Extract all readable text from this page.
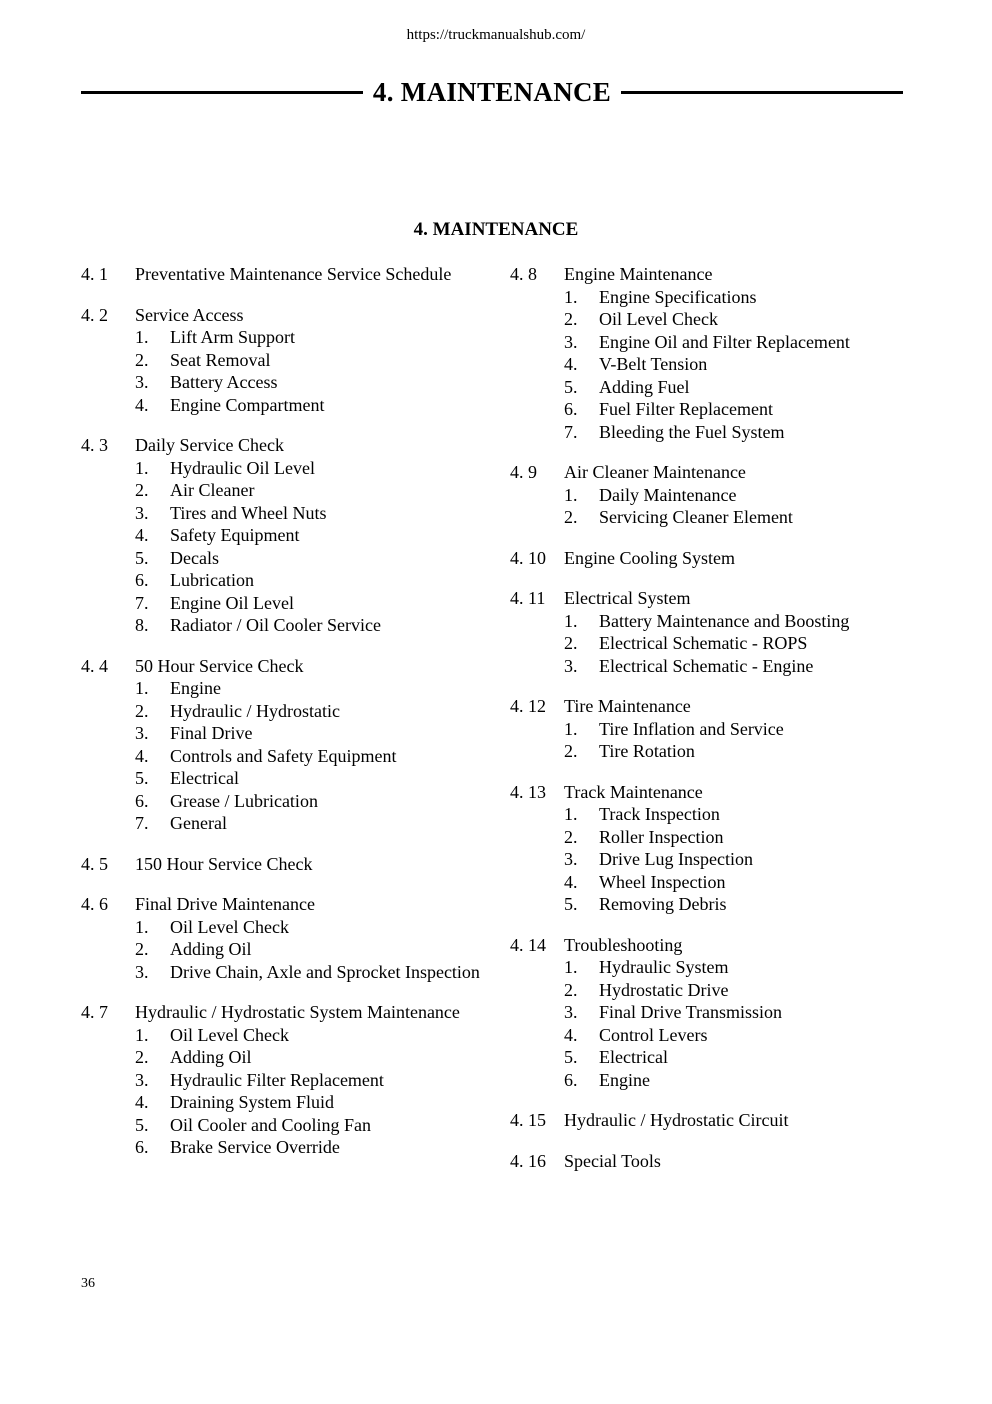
https://truckmanualshub.com/
4. MAINTENANCE
4. MAINTENANCE
4. 1	Preventative Maintenance Service Schedule
4. 2	Service Access
1.	Lift Arm Support
2.	Seat Removal
3.	Battery Access
4.	Engine Compartment
4. 3	Daily Service Check
1.	Hydraulic Oil Level
2.	Air Cleaner
3.	Tires and Wheel Nuts
4.	Safety Equipment
5.	Decals
6.	Lubrication
7.	Engine Oil Level
8.	Radiator / Oil Cooler Service
4. 4	50 Hour Service Check
1.	Engine
2.	Hydraulic / Hydrostatic
3.	Final Drive
4.	Controls and Safety Equipment
5.	Electrical
6.	Grease / Lubrication
7.	General
4. 5	150 Hour Service Check
4. 6	Final Drive Maintenance
1.	Oil Level Check
2.	Adding Oil
3.	Drive Chain, Axle and Sprocket Inspection
4. 7	Hydraulic / Hydrostatic System Maintenance
1.	Oil Level Check
2.	Adding Oil
3.	Hydraulic Filter Replacement
4.	Draining System Fluid
5.	Oil Cooler and Cooling Fan
6.	Brake Service Override
4. 8	Engine Maintenance
1.	Engine Specifications
2.	Oil Level Check
3.	Engine Oil and Filter Replacement
4.	V-Belt Tension
5.	Adding Fuel
6.	Fuel Filter Replacement
7.	Bleeding the Fuel System
4. 9	Air Cleaner Maintenance
1.	Daily Maintenance
2.	Servicing Cleaner Element
4. 10	Engine Cooling System
4. 11	Electrical System
1.	Battery Maintenance and Boosting
2.	Electrical Schematic - ROPS
3.	Electrical Schematic - Engine
4. 12	Tire Maintenance
1.	Tire Inflation and Service
2.	Tire Rotation
4. 13	Track Maintenance
1.	Track Inspection
2.	Roller Inspection
3.	Drive Lug Inspection
4.	Wheel Inspection
5.	Removing Debris
4. 14	Troubleshooting
1.	Hydraulic System
2.	Hydrostatic Drive
3.	Final Drive Transmission
4.	Control Levers
5.	Electrical
6.	Engine
4. 15	Hydraulic / Hydrostatic Circuit
4. 16	Special Tools
36
